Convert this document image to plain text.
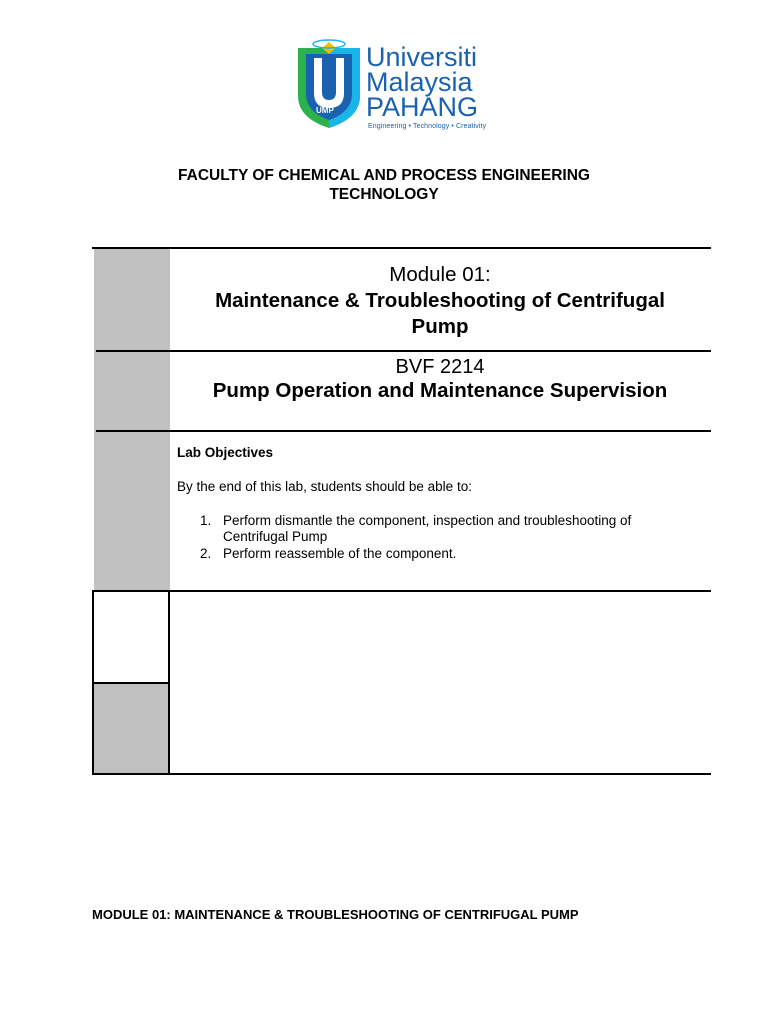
UMP
Universiti
Malaysia
PAHANG
Engineering • Technology • Creativity
FACULTY OF CHEMICAL AND PROCESS ENGINEERING
TECHNOLOGY
Module 01:
Maintenance & Troubleshooting of Centrifugal
Pump
BVF 2214
Pump Operation and Maintenance Supervision
Lab Objectives
By the end of this lab, students should be able to:
1. Perform dismantle the component, inspection and troubleshooting of
Centrifugal Pump
2. Perform reassemble of the component.
MODULE 01: MAINTENANCE & TROUBLESHOOTING OF CENTRIFUGAL PUMP
